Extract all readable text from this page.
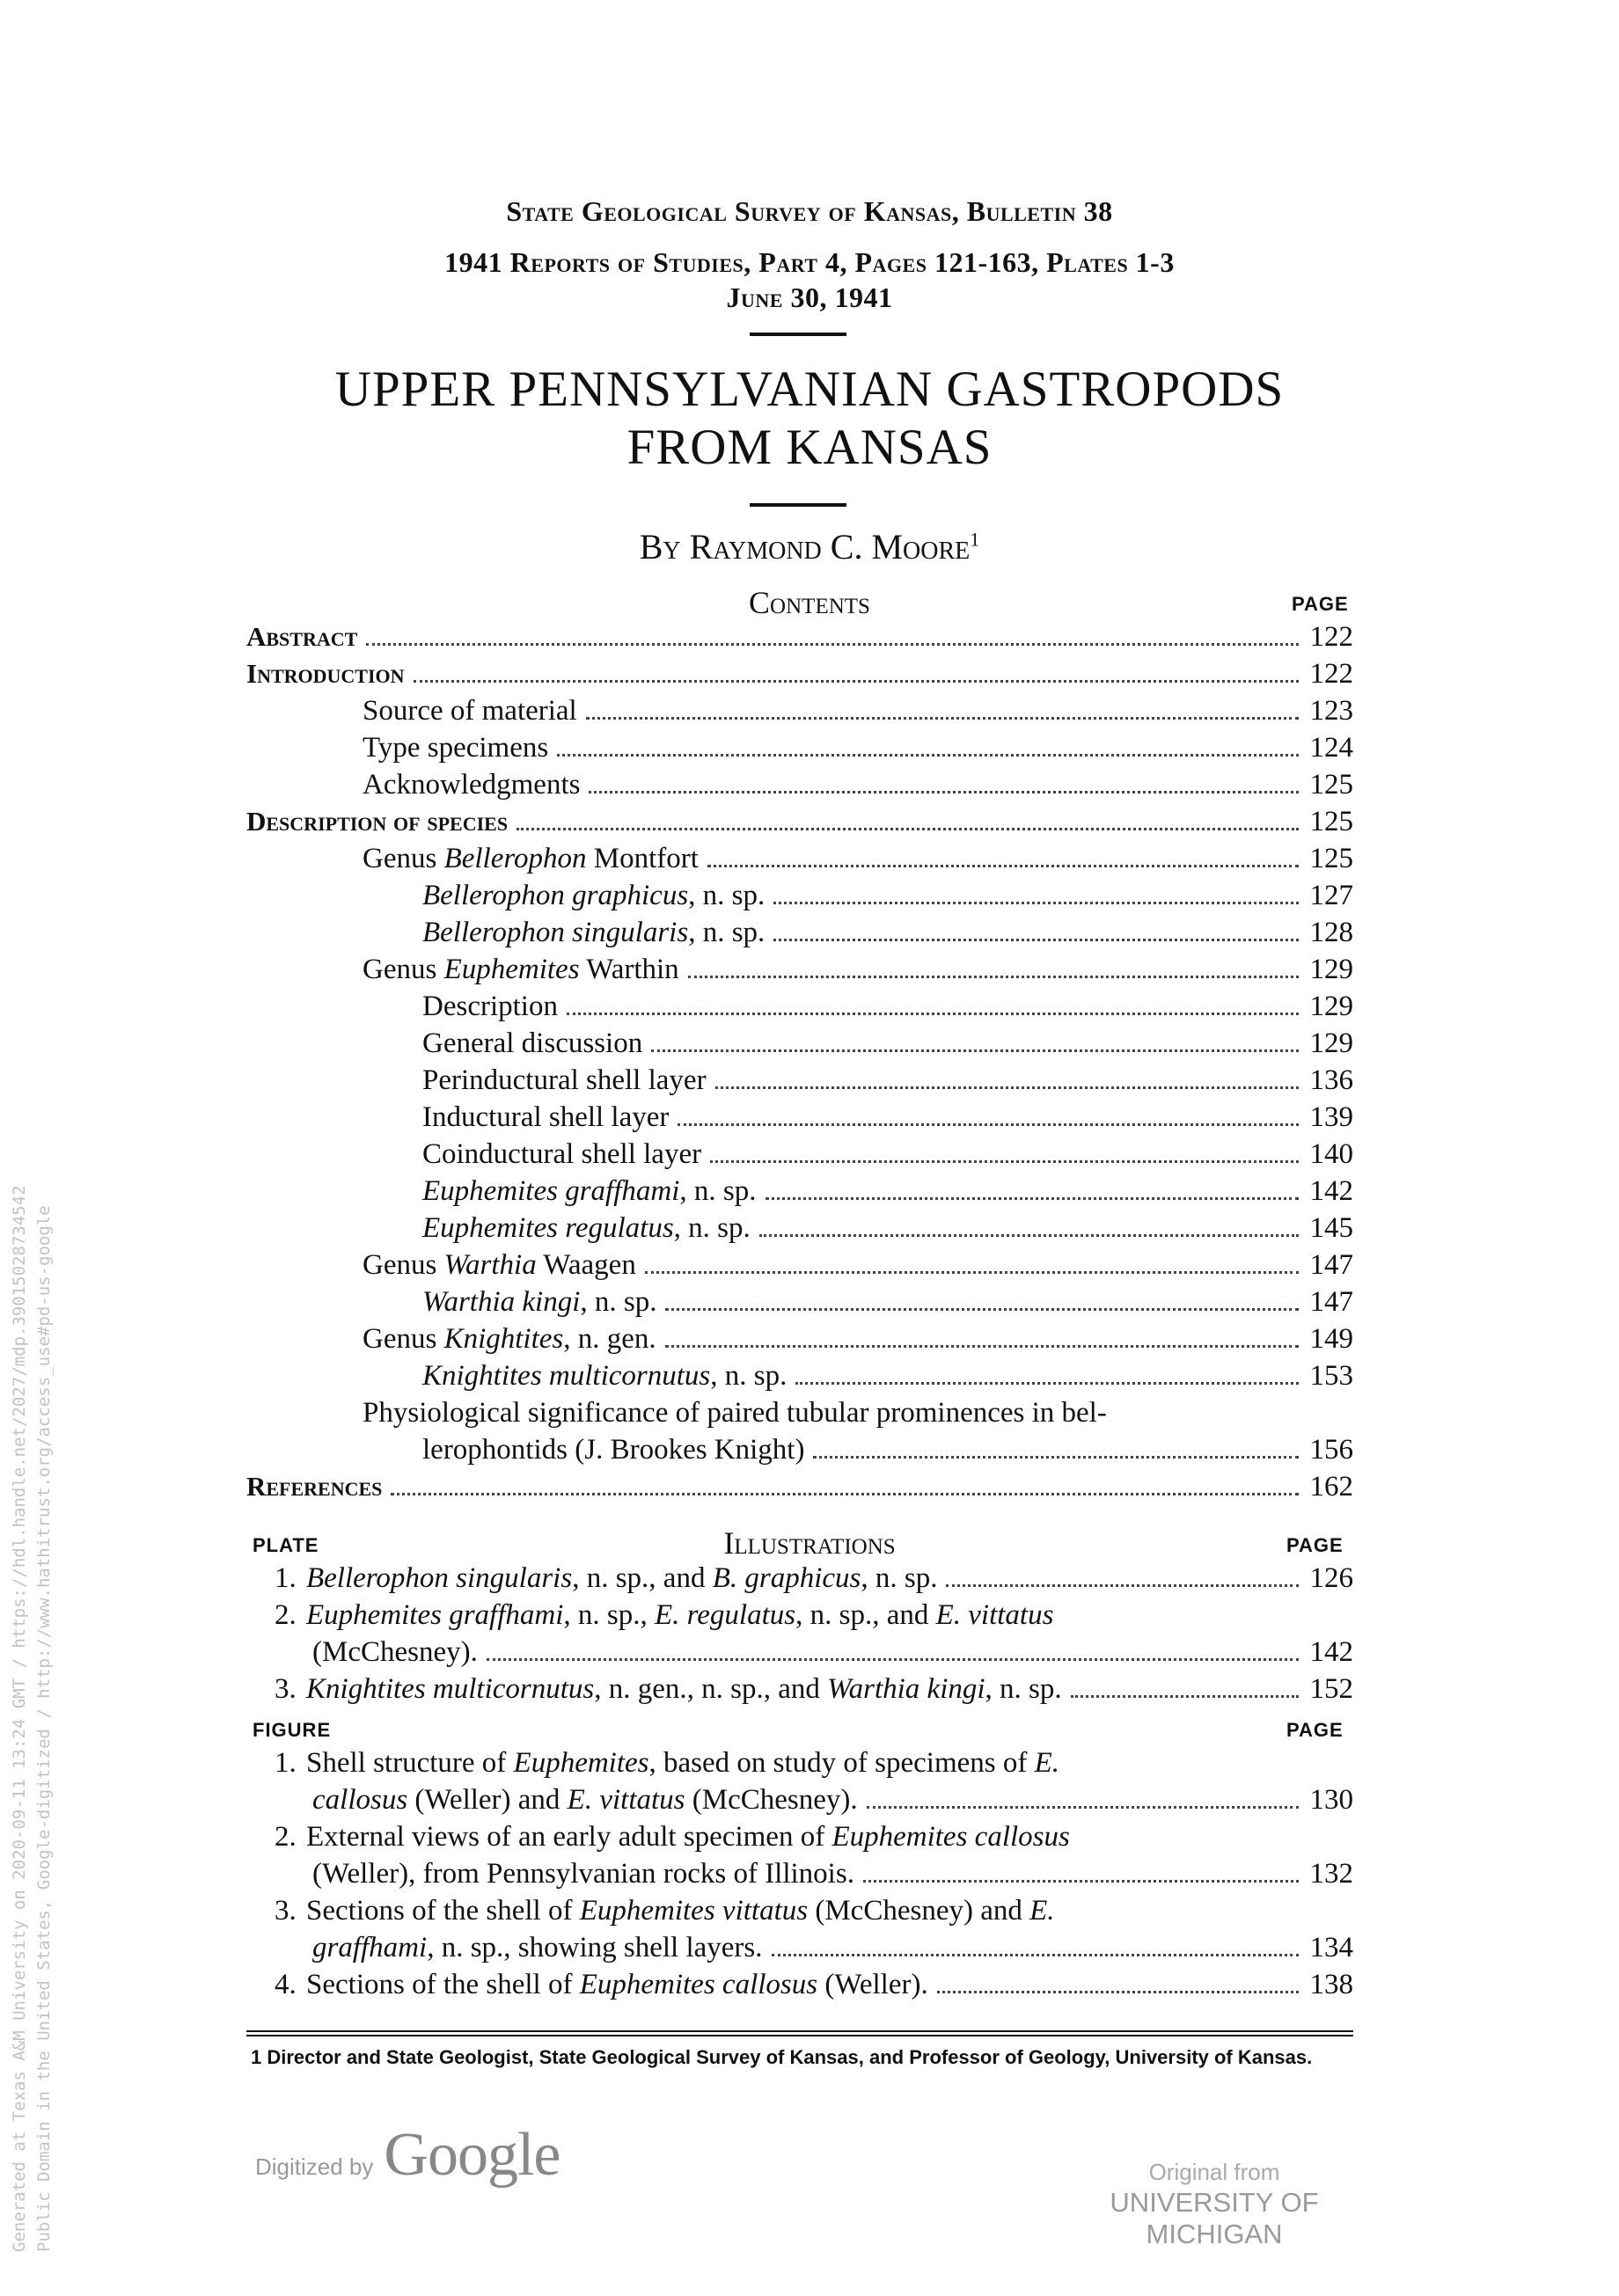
State Geological Survey of Kansas, Bulletin 38
1941 Reports of Studies, Part 4, Pages 121-163, Plates 1-3
June 30, 1941
UPPER PENNSYLVANIAN GASTROPODS
FROM KANSAS
By Raymond C. Moore$^1$
Contents	PAGE
Abstract	122
Introduction	122
Source of material	123
Type specimens	124
Acknowledgments	125
Description of species	125
Genus Bellerophon Montfort	125
Bellerophon graphicus, n. sp.	127
Bellerophon singularis, n. sp.	128
Genus Euphemites Warthin	129
Description	129
General discussion	129
Perinductural shell layer	136
Inductural shell layer	139
Coinductural shell layer	140
Euphemites graffhami, n. sp.	142
Euphemites regulatus, n. sp.	145
Genus Warthia Waagen	147
Warthia kingi, n. sp.	147
Genus Knightites, n. gen.	149
Knightites multicornutus, n. sp.	153
Physiological significance of paired tubular prominences in bel-
lerophontids (J. Brookes Knight)	156
References	162
PLATE	Illustrations	PAGE
1. Bellerophon singularis, n. sp., and B. graphicus, n. sp.	126
2. Euphemites graffhami, n. sp., E. regulatus, n. sp., and E. vittatus
(McChesney).	142
3. Knightites multicornutus, n. gen., n. sp., and Warthia kingi, n. sp.	152
FIGURE	PAGE
1. Shell structure of Euphemites, based on study of specimens of E.
callosus (Weller) and E. vittatus (McChesney).	130
2. External views of an early adult specimen of Euphemites callosus
(Weller), from Pennsylvanian rocks of Illinois.	132
3. Sections of the shell of Euphemites vittatus (McChesney) and E.
graffhami, n. sp., showing shell layers.	134
4. Sections of the shell of Euphemites callosus (Weller).	138
1 Director and State Geologist, State Geological Survey of Kansas, and Professor of Geology, University of Kansas.
Digitized by Google	Original from
UNIVERSITY OF MICHIGAN
Generated at Texas A&M University on 2020-09-11 13:24 GMT / https://hdl.handle.net/2027/mdp.39015028734542 Public Domain in the United States, Google-digitized / http://www.hathitrust.org/access_use#pd-us-google
